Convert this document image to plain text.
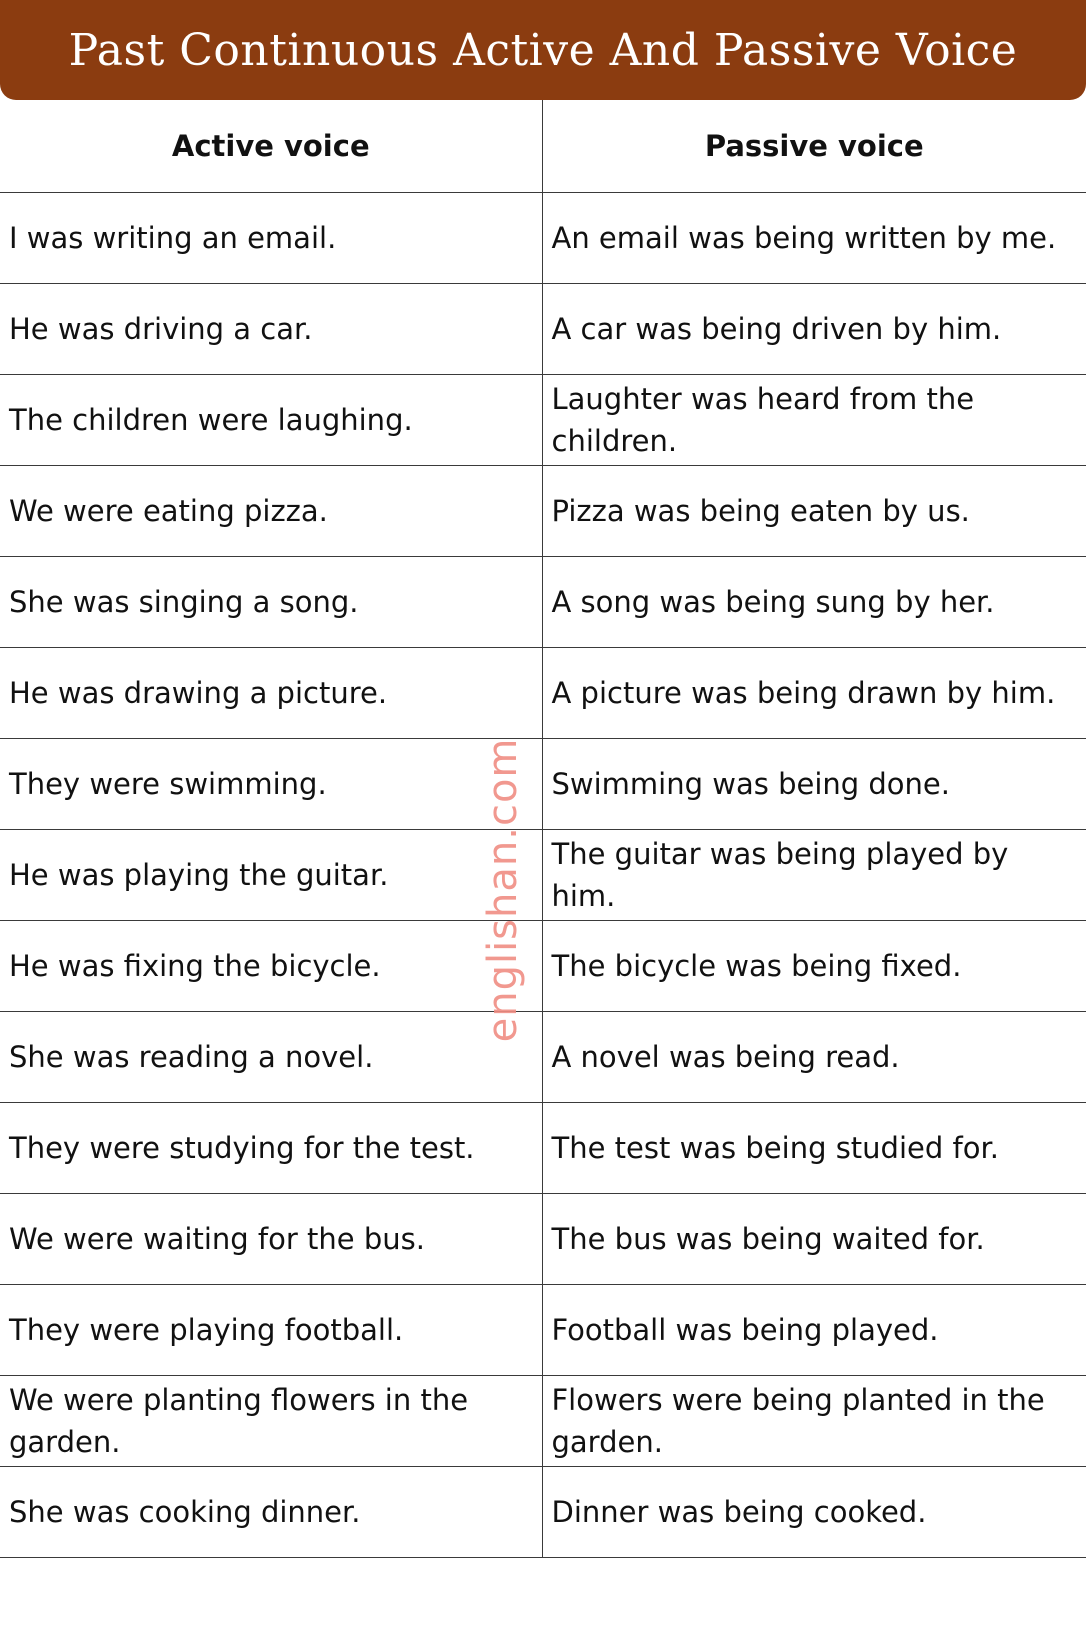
Past Continuous Active And Passive Voice
Active voice	Passive voice
I was writing an email.	An email was being written by me.
He was driving a car.	A car was being driven by him.
The children were laughing.	Laughter was heard from the children.
We were eating pizza.	Pizza was being eaten by us.
She was singing a song.	A song was being sung by her.
He was drawing a picture.	A picture was being drawn by him.
They were swimming.	Swimming was being done.
He was playing the guitar.	The guitar was being played by him.
He was fixing the bicycle.	The bicycle was being fixed.
She was reading a novel.	A novel was being read.
They were studying for the test.	The test was being studied for.
We were waiting for the bus.	The bus was being waited for.
They were playing football.	Football was being played.
We were planting flowers in the garden.	Flowers were being planted in the garden.
She was cooking dinner.	Dinner was being cooked.
englishan.com
